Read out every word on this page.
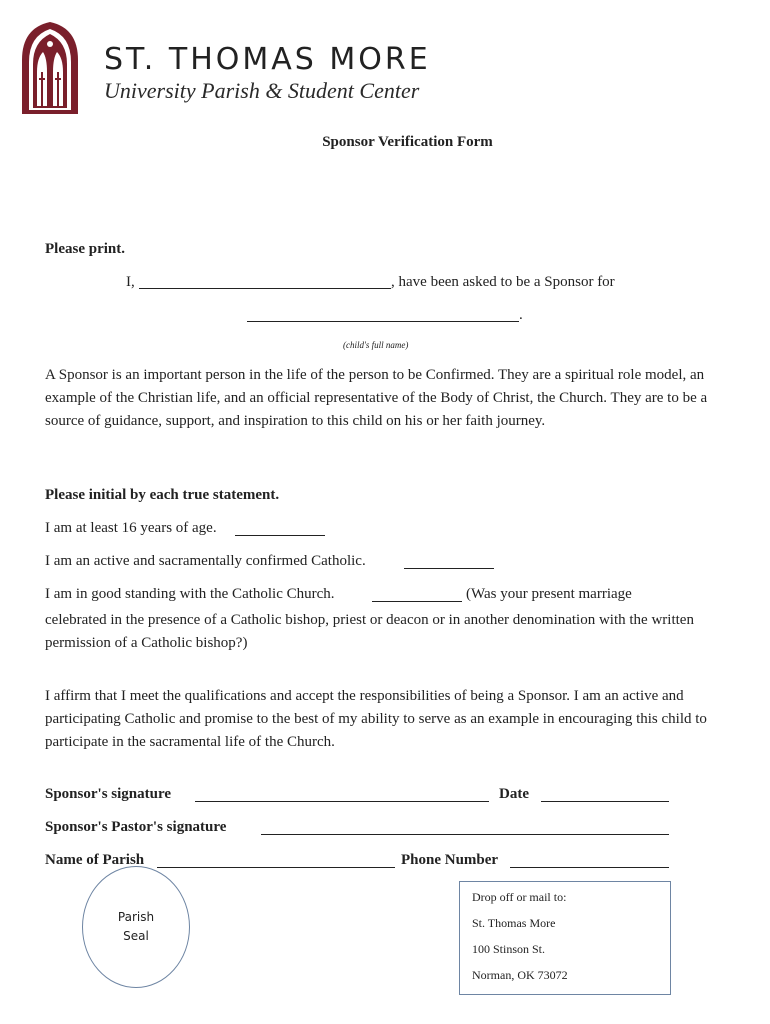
ST. THOMAS MORE
University Parish & Student Center
Sponsor Verification Form
Please print.
I,	, have been asked to be a Sponsor for
.
(child's full name)
A Sponsor is an important person in the life of the person to be Confirmed. They are a spiritual role model, an example of the Christian life, and an official representative of the Body of Christ, the Church. They are to be a source of guidance, support, and inspiration to this child on his or her faith journey.
Please initial by each true statement.
I am at least 16 years of age.
I am an active and sacramentally confirmed Catholic.
I am in good standing with the Catholic Church.	(Was your present marriage
celebrated in the presence of a Catholic bishop, priest or deacon or in another denomination with the written permission of a Catholic bishop?)
I affirm that I meet the qualifications and accept the responsibilities of being a Sponsor. I am an active and participating Catholic and promise to the best of my ability to serve as an example in encouraging this child to participate in the sacramental life of the Church.
Sponsor's signature	Date
Sponsor's Pastor's signature
Name of Parish	Phone Number
Parish
Seal
Drop off or mail to:
St. Thomas More
100 Stinson St.
Norman, OK 73072
